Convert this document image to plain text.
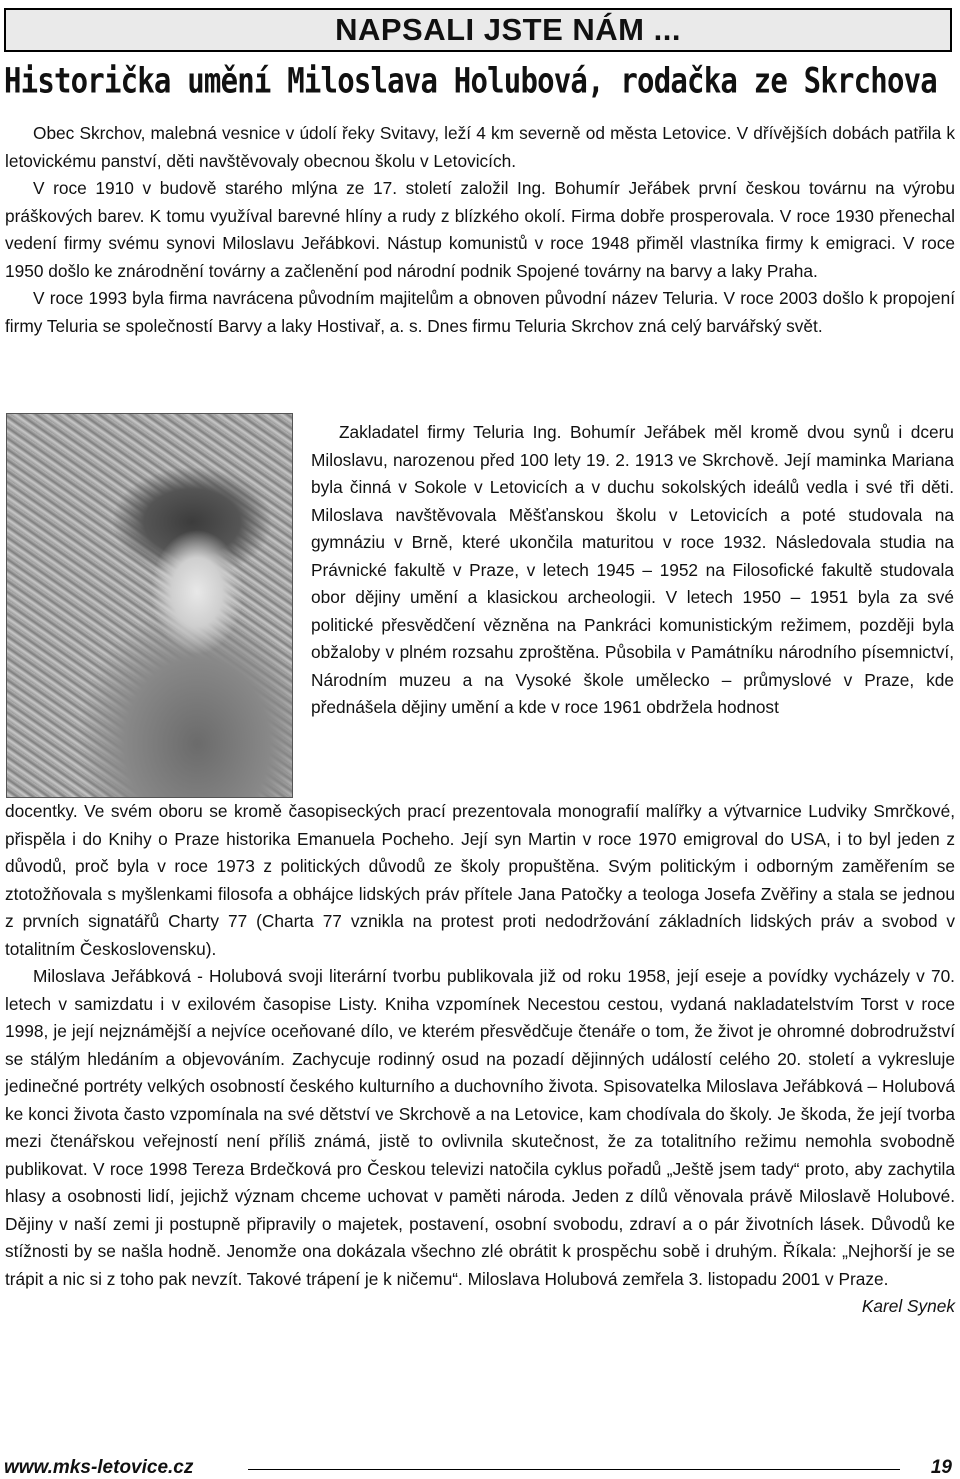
NAPSALI JSTE NÁM ...
Historička umění Miloslava Holubová, rodačka ze Skrchova

Obec Skrchov, malebná vesnice v údolí řeky Svitavy, leží 4 km severně od města Letovice. V dřívějších dobách patřila k letovickému panství, děti navštěvovaly obecnou školu v Letovicích.

V roce 1910 v budově starého mlýna ze 17. století založil Ing. Bohumír Jeřábek první českou továrnu na výrobu práškových barev. K tomu využíval barevné hlíny a rudy z blízkého okolí. Firma dobře prosperovala. V roce 1930 přenechal vedení firmy svému synovi Miloslavu Jeřábkovi. Nástup komunistů v roce 1948 přiměl vlastníka firmy k emigraci. V roce 1950 došlo ke znárodnění továrny a začlenění pod národní podnik Spojené továrny na barvy a laky Praha.

V roce 1993 byla firma navrácena původním majitelům a obnoven původní název Teluria. V roce 2003 došlo k propojení firmy Teluria se společností Barvy a laky Hostivař, a. s. Dnes firmu Teluria Skrchov zná celý barvářský svět.

Zakladatel firmy Teluria Ing. Bohumír Jeřábek měl kromě dvou synů i dceru Miloslavu, narozenou před 100 lety 19. 2. 1913 ve Skrchově. Její maminka Mariana byla činná v Sokole v Letovicích a v duchu sokolských ideálů vedla i své tři děti. Miloslava navštěvovala Měšťanskou školu v Letovicích a poté studovala na gymnáziu v Brně, které ukončila maturitou v roce 1932. Následovala studia na Právnické fakultě v Praze, v letech 1945 – 1952 na Filosofické fakultě studovala obor dějiny umění a klasickou archeologii. V letech 1950 – 1951 byla za své politické přesvědčení vězněna na Pankráci komunistickým režimem, později byla obžaloby v plném rozsahu zproštěna. Působila v Památníku národního písemnictví, Národním muzeu a na Vysoké škole umělecko – průmyslové v Praze, kde přednášela dějiny umění a kde v roce 1961 obdržela hodnost

docentky. Ve svém oboru se kromě časopiseckých prací prezentovala monografií malířky a výtvarnice Ludviky Smrčkové, přispěla i do Knihy o Praze historika Emanuela Pocheho. Její syn Martin v roce 1970 emigroval do USA, i to byl jeden z důvodů, proč byla v roce 1973 z politických důvodů ze školy propuštěna. Svým politickým i odborným zaměřením se ztotožňovala s myšlenkami filosofa a obhájce lidských práv přítele Jana Patočky a teologa Josefa Zvěřiny a stala se jednou z prvních signatářů Charty 77 (Charta 77 vznikla na protest proti nedodržování základních lidských práv a svobod v totalitním Československu).

Miloslava Jeřábková - Holubová svoji literární tvorbu publikovala již od roku 1958, její eseje a povídky vycházely v 70. letech v samizdatu i v exilovém časopise Listy. Kniha vzpomínek Necestou cestou, vydaná nakladatelstvím Torst v roce 1998, je její nejznámější a nejvíce oceňované dílo, ve kterém přesvědčuje čtenáře o tom, že život je ohromné dobrodružství se stálým hledáním a objevováním. Zachycuje rodinný osud na pozadí dějinných událostí celého 20. století a vykresluje jedinečné portréty velkých osobností českého kulturního a duchovního života. Spisovatelka Miloslava Jeřábková – Holubová ke konci života často vzpomínala na své dětství ve Skrchově a na Letovice, kam chodívala do školy. Je škoda, že její tvorba mezi čtenářskou veřejností není příliš známá, jistě to ovlivnila skutečnost, že za totalitního režimu nemohla svobodně publikovat. V roce 1998 Tereza Brdečková pro Českou televizi natočila cyklus pořadů „Ještě jsem tady“ proto, aby zachytila hlasy a osobnosti lidí, jejichž význam chceme uchovat v paměti národa. Jeden z dílů věnovala právě Miloslavě Holubové. Dějiny v naší zemi ji postupně připravily o majetek, postavení, osobní svobodu, zdraví a o pár životních lásek. Důvodů ke stížnosti by se našla hodně. Jenomže ona dokázala všechno zlé obrátit k prospěchu sobě i druhým. Říkala: „Nejhorší je se trápit a nic si z toho pak nevzít. Takové trápení je k ničemu“. Miloslava Holubová zemřela 3. listopadu 2001 v Praze.
Karel Synek

www.mks-letovice.cz	19
